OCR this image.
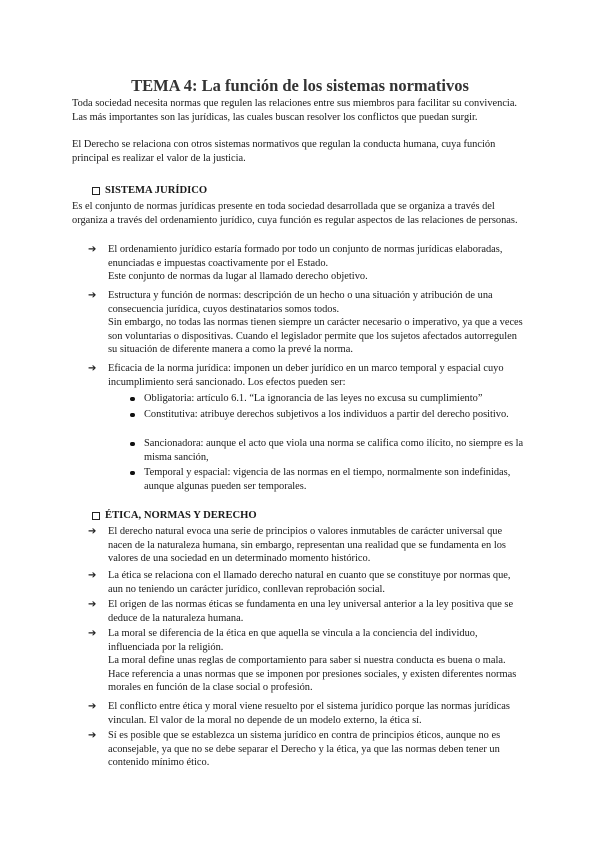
TEMA 4: La función de los sistemas normativos

Toda sociedad necesita normas que regulen las relaciones entre sus miembros para facilitar su convivencia. Las más importantes son las jurídicas, las cuales buscan resolver los conflictos que puedan surgir.

El Derecho se relaciona con otros sistemas normativos que regulan la conducta humana, cuya función principal es realizar el valor de la justicia.

SISTEMA JURÍDICO

Es el conjunto de normas jurídicas presente en toda sociedad desarrollada que se organiza a través del organiza a través del ordenamiento jurídico, cuya función es regular aspectos de las relaciones de personas.

➔ El ordenamiento jurídico estaría formado por todo un conjunto de normas jurídicas elaboradas, enunciadas e impuestas coactivamente por el Estado.

Este conjunto de normas da lugar al llamado derecho objetivo.

➔ Estructura y función de normas: descripción de un hecho o una situación y atribución de una consecuencia jurídica, cuyos destinatarios somos todos.

Sin embargo, no todas las normas tienen siempre un carácter necesario o imperativo, ya que a veces son voluntarias o dispositivas. Cuando el legislador permite que los sujetos afectados autorregulen su situación de diferente manera a como la prevé la norma.

➔ Eficacia de la norma jurídica: imponen un deber jurídico en un marco temporal y espacial cuyo incumplimiento será sancionado. Los efectos pueden ser:

Obligatoria: artículo 6.1. “La ignorancia de las leyes no excusa su cumplimiento”

Constitutiva: atribuye derechos subjetivos a los individuos a partir del derecho positivo.

Sancionadora: aunque el acto que viola una norma se califica como ilícito, no siempre es la misma sanción,

Temporal y espacial: vigencia de las normas en el tiempo, normalmente son indefinidas, aunque algunas pueden ser temporales.

ÉTICA, NORMAS Y DERECHO
➔ El derecho natural evoca una serie de principios o valores inmutables de carácter universal que nacen de la naturaleza humana, sin embargo, representan una realidad que se fundamenta en los valores de una sociedad en un determinado momento histórico.

➔ La ética se relaciona con el llamado derecho natural en cuanto que se constituye por normas que, aun no teniendo un carácter jurídico, conllevan reprobación social.

➔ El origen de las normas éticas se fundamenta en una ley universal anterior a la ley positiva que se deduce de la naturaleza humana.

➔ La moral se diferencia de la ética en que aquella se vincula a la conciencia del individuo, influenciada por la religión.

La moral define unas reglas de comportamiento para saber si nuestra conducta es buena o mala. Hace referencia a unas normas que se imponen por presiones sociales, y existen diferentes normas morales en función de la clase social o profesión.

➔ El conflicto entre ética y moral viene resuelto por el sistema jurídico porque las normas jurídicas vinculan. El valor de la moral no depende de un modelo externo, la ética sí.

➔ Sí es posible que se establezca un sistema jurídico en contra de principios éticos, aunque no es aconsejable, ya que no se debe separar el Derecho y la ética, ya que las normas deben tener un contenido mínimo ético.
